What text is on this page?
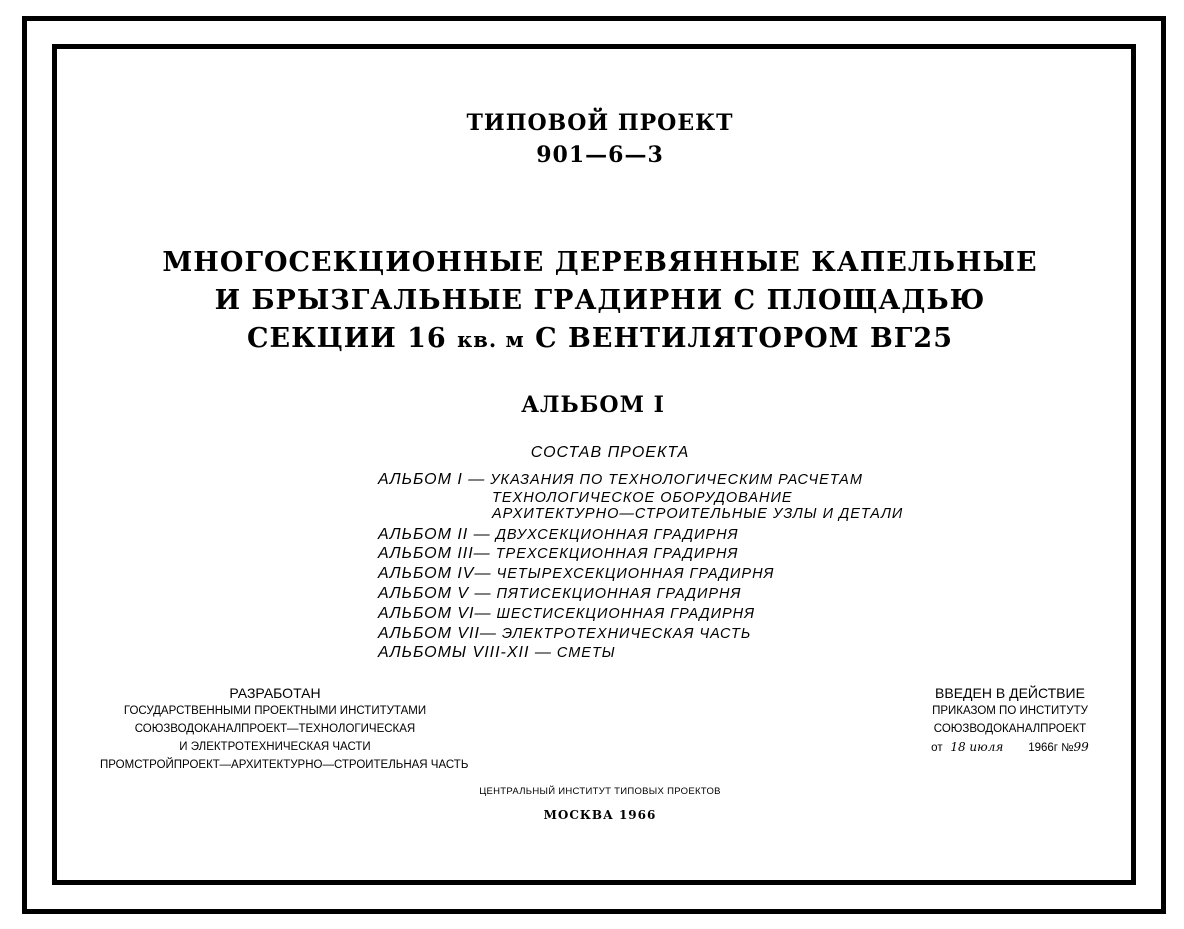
ТИПОВОЙ ПРОЕКТ
901—6—3
МНОГОСЕКЦИОННЫЕ ДЕРЕВЯННЫЕ КАПЕЛЬНЫЕ
И БРЫЗГАЛЬНЫЕ ГРАДИРНИ С ПЛОЩАДЬЮ
СЕКЦИИ 16 кв. м С ВЕНТИЛЯТОРОМ ВГ25
АЛЬБОМ I
СОСТАВ ПРОЕКТА
АЛЬБОМ I — УКАЗАНИЯ ПО ТЕХНОЛОГИЧЕСКИМ РАСЧЕТАМ
ТЕХНОЛОГИЧЕСКОЕ ОБОРУДОВАНИЕ
АРХИТЕКТУРНО—СТРОИТЕЛЬНЫЕ УЗЛЫ И ДЕТАЛИ
АЛЬБОМ II — ДВУХСЕКЦИОННАЯ ГРАДИРНЯ
АЛЬБОМ III— ТРЕХСЕКЦИОННАЯ ГРАДИРНЯ
АЛЬБОМ IV— ЧЕТЫРЕХСЕКЦИОННАЯ ГРАДИРНЯ
АЛЬБОМ V — ПЯТИСЕКЦИОННАЯ ГРАДИРНЯ
АЛЬБОМ VI— ШЕСТИСЕКЦИОННАЯ ГРАДИРНЯ
АЛЬБОМ VII— ЭЛЕКТРОТЕХНИЧЕСКАЯ ЧАСТЬ
АЛЬБОМЫ VIII-XII — СМЕТЫ
РАЗРАБОТАН
ГОСУДАРСТВЕННЫМИ ПРОЕКТНЫМИ ИНСТИТУТАМИ
СОЮЗВОДОКАНАЛПРОЕКТ—ТЕХНОЛОГИЧЕСКАЯ
И ЭЛЕКТРОТЕХНИЧЕСКАЯ ЧАСТИ
ПРОМСТРОЙПРОЕКТ—АРХИТЕКТУРНО—СТРОИТЕЛЬНАЯ ЧАСТЬ
ВВЕДЕН В ДЕЙСТВИЕ
ПРИКАЗОМ ПО ИНСТИТУТУ
СОЮЗВОДОКАНАЛПРОЕКТ
от 18 июля 1966г №99
ЦЕНТРАЛЬНЫЙ ИНСТИТУТ ТИПОВЫХ ПРОЕКТОВ
МОСКВА 1966
